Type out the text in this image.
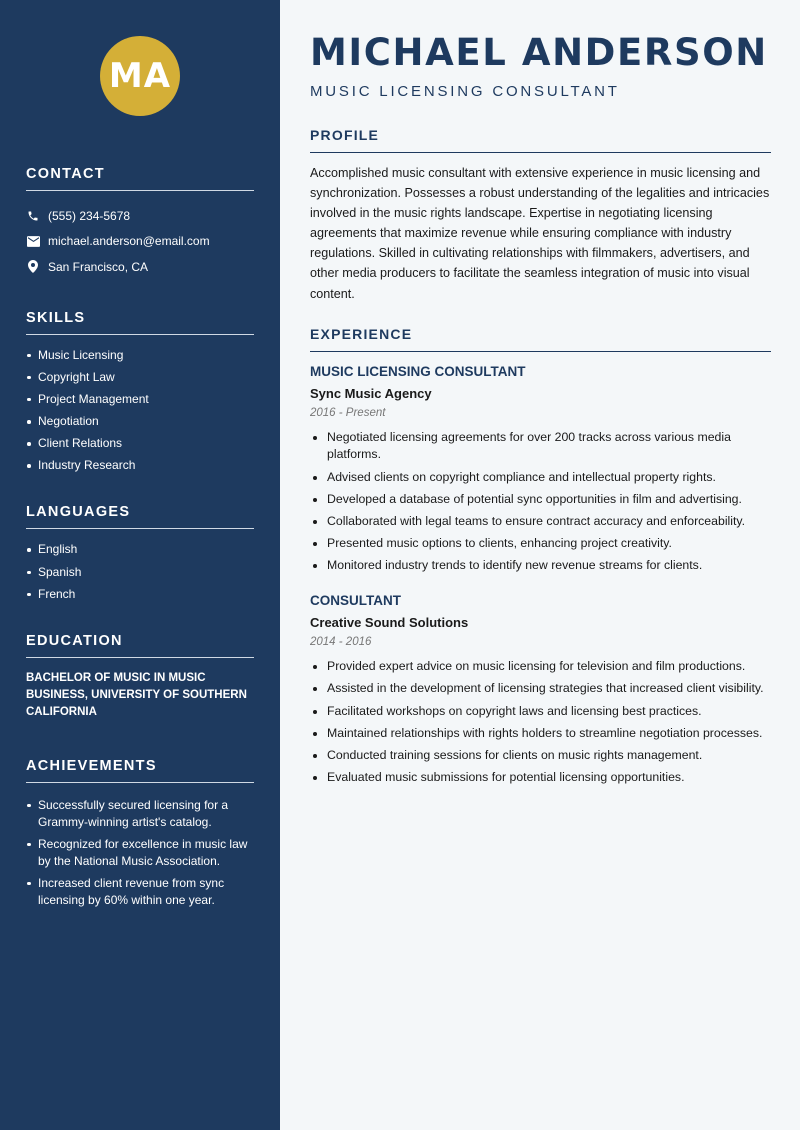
MA
CONTACT
(555) 234-5678
michael.anderson@email.com
San Francisco, CA
SKILLS
Music Licensing
Copyright Law
Project Management
Negotiation
Client Relations
Industry Research
LANGUAGES
English
Spanish
French
EDUCATION

BACHELOR OF MUSIC IN MUSIC BUSINESS, UNIVERSITY OF SOUTHERN CALIFORNIA

ACHIEVEMENTS
Successfully secured licensing for a Grammy-winning artist's catalog.
Recognized for excellence in music law by the National Music Association.
Increased client revenue from sync licensing by 60% within one year.
MICHAEL ANDERSON
MUSIC LICENSING CONSULTANT
PROFILE

Accomplished music consultant with extensive experience in music licensing and synchronization. Possesses a robust understanding of the legalities and intricacies involved in the music rights landscape. Expertise in negotiating licensing agreements that maximize revenue while ensuring compliance with industry regulations. Skilled in cultivating relationships with filmmakers, advertisers, and other media producers to facilitate the seamless integration of music into visual content.

EXPERIENCE
MUSIC LICENSING CONSULTANT
Sync Music Agency
2016 - Present
Negotiated licensing agreements for over 200 tracks across various media platforms.
Advised clients on copyright compliance and intellectual property rights.
Developed a database of potential sync opportunities in film and advertising.
Collaborated with legal teams to ensure contract accuracy and enforceability.
Presented music options to clients, enhancing project creativity.
Monitored industry trends to identify new revenue streams for clients.
CONSULTANT
Creative Sound Solutions
2014 - 2016
Provided expert advice on music licensing for television and film productions.
Assisted in the development of licensing strategies that increased client visibility.
Facilitated workshops on copyright laws and licensing best practices.
Maintained relationships with rights holders to streamline negotiation processes.
Conducted training sessions for clients on music rights management.
Evaluated music submissions for potential licensing opportunities.
